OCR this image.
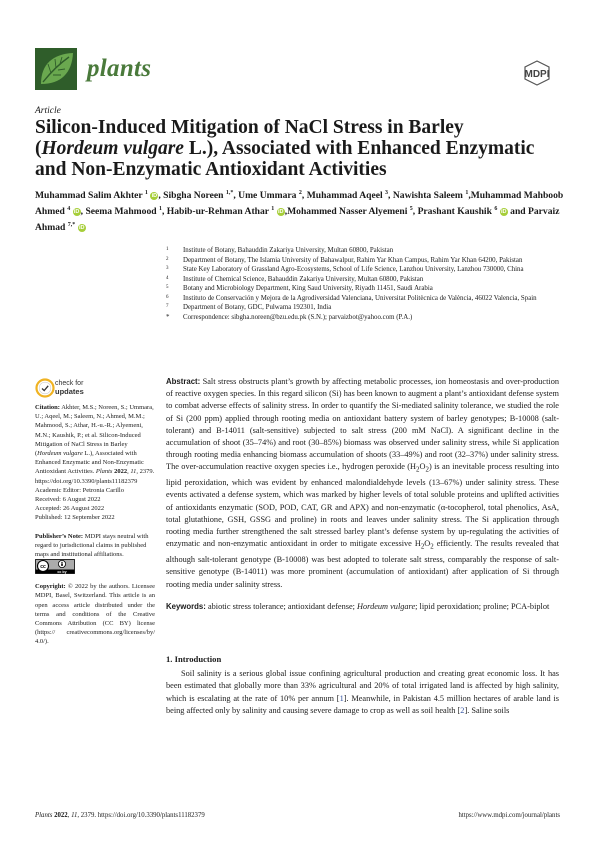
plants	MDPI
Article
Silicon-Induced Mitigation of NaCl Stress in Barley
(Hordeum vulgare L.), Associated with Enhanced Enzymatic
and Non-Enzymatic Antioxidant Activities
Muhammad Salim Akhter $^1$ iD, Sibgha Noreen $^{1,*}$, Ume Ummara $^2$, Muhammad Aqeel $^3$, Nawishta Saleem $^1$,Muhammad Mahboob Ahmed $^4$ iD, Seema Mahmood $^1$, Habib-ur-Rehman Athar $^1$ iD,Mohammed Nasser Alyemeni $^5$, Prashant Kaushik $^6$ iD and Parvaiz Ahmad $^{7,*}$ iD
1 Institute of Botany, Bahauddin Zakariya University, Multan 60800, Pakistan
2 Department of Botany, The Islamia University of Bahawalpur, Rahim Yar Khan Campus, Rahim Yar Khan 64200, Pakistan
3 State Key Laboratory of Grassland Agro-Ecosystems, School of Life Science, Lanzhou University, Lanzhou 730000, China
4 Institute of Chemical Science, Bahauddin Zakariya University, Multan 60800, Pakistan
5 Botany and Microbiology Department, King Saud University, Riyadh 11451, Saudi Arabia
6 Instituto de Conservación y Mejora de la Agrodiversidad Valenciana, Universitat Politècnica de València, 46022 Valencia, Spain
7 Department of Botany, GDC, Pulwama 192301, India
* Correspondence: sibgha.noreen@bzu.edu.pk (S.N.); parvaizbot@yahoo.com (P.A.)
check for
updates

Citation: Akhter, M.S.; Noreen, S.; Ummara, U.; Aqeel, M.; Saleem, N.; Ahmed, M.M.; Mahmood, S.; Athar, H.-u.-R.; Alyemeni, M.N.; Kaushik, P.; et al. Silicon-Induced Mitigation of NaCl Stress in Barley (Hordeum vulgare L.), Associated with Enhanced Enzymatic and Non-Enzymatic Antioxidant Activities. Plants 2022, 11, 2379. https://doi.org/10.3390/plants11182379

Academic Editor: Petronia Carillo

Received: 6 August 2022

Accepted: 26 August 2022

Published: 12 September 2022

Publisher’s Note: MDPI stays neutral with regard to jurisdictional claims in published maps and institutional affiliations.

cc
cc by

Copyright: © 2022 by the authors. Licensee MDPI, Basel, Switzerland. This article is an open access article distributed under the terms and conditions of the Creative Commons Attribution (CC BY) license (https:// creativecommons.org/licenses/by/ 4.0/).

Abstract: Salt stress obstructs plant’s growth by affecting metabolic processes, ion homeostasis and over-production of reactive oxygen species. In this regard silicon (Si) has been known to augment a plant’s antioxidant defense system to combat adverse effects of salinity stress. In order to quantify the Si-mediated salinity tolerance, we studied the role of Si (200 ppm) applied through rooting media on antioxidant battery system of barley genotypes; B-10008 (salt-tolerant) and B-14011 (salt-sensitive) subjected to salt stress (200 mM NaCl). A significant decline in the accumulation of shoot (35–74%) and root (30–85%) biomass was observed under salinity stress, while Si application through rooting media enhancing biomass accumulation of shoots (33–49%) and root (32–37%) under salinity stress. The over-accumulation reactive oxygen species i.e., hydrogen peroxide $(H_2O_2)$ is an inevitable process resulting into lipid peroxidation, which was evident by enhanced malondialdehyde levels (13–67%) under salinity stress. These events activated a defense system, which was marked by higher levels of total soluble proteins and uplifted activities of antioxidants enzymatic (SOD, POD, CAT, GR and APX) and non-enzymatic (α-tocopherol, total phenolics, AsA, total glutathione, GSH, GSSG and proline) in roots and leaves under salinity stress. The Si application through rooting media further strengthened the salt stressed barley plant’s defense system by up-regulating the activities of enzymatic and non-enzymatic antioxidant in order to mitigate excessive $H_2O_2$ efficiently. The results revealed that although salt-tolerant genotype (B-10008) was best adopted to tolerate salt stress, comparably the response of salt-sensitive genotype (B-14011) was more prominent (accumulation of antioxidant) after application of Si through rooting media under salinity stress.

Keywords: abiotic stress tolerance; antioxidant defense; Hordeum vulgare; lipid peroxidation; proline; PCA-biplot

1. Introduction

Soil salinity is a serious global issue confining agricultural production and creating great economic loss. It has been estimated that globally more than 33% agricultural and 20% of total irrigated land is affected by high salinity, which is escalating at the rate of 10% per annum [1]. Meanwhile, in Pakistan 4.5 million hectares of arable land is being affected only by salinity and causing severe damage to crop as well as soil health [2]. Saline soils

Plants 2022, 11, 2379. https://doi.org/10.3390/plants11182379	https://www.mdpi.com/journal/plants
